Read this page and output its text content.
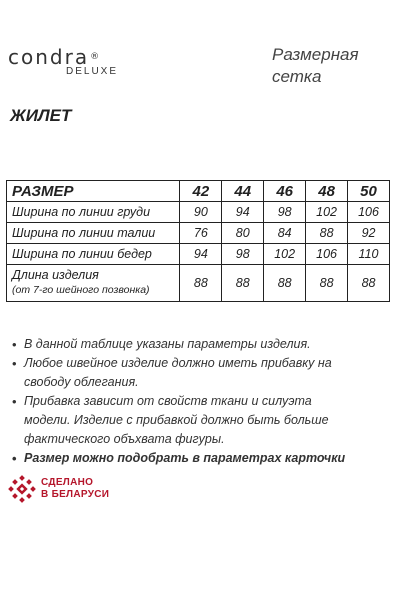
condra®
DELUXE
Размерная
сетка
ЖИЛЕТ
РАЗМЕР	42	44	46	48	50
Ширина по линии груди	90	94	98	102	106
Ширина по линии талии	76	80	84	88	92
Ширина по линии бедер	94	98	102	106	110

Длина изделия
(от 7-го шейного позвонка)	88	88	88	88	88
• В данной таблице указаны параметры изделия.
• Любое швейное изделие должно иметь прибавку на свободу облегания.
• Прибавка зависит от свойств ткани и силуэта модели. Изделие с прибавкой должно быть больше фактического объхвата фигуры.
• Размер можно подобрать в параметрах карточки
СДЕЛАНО
В БЕЛАРУСИ
